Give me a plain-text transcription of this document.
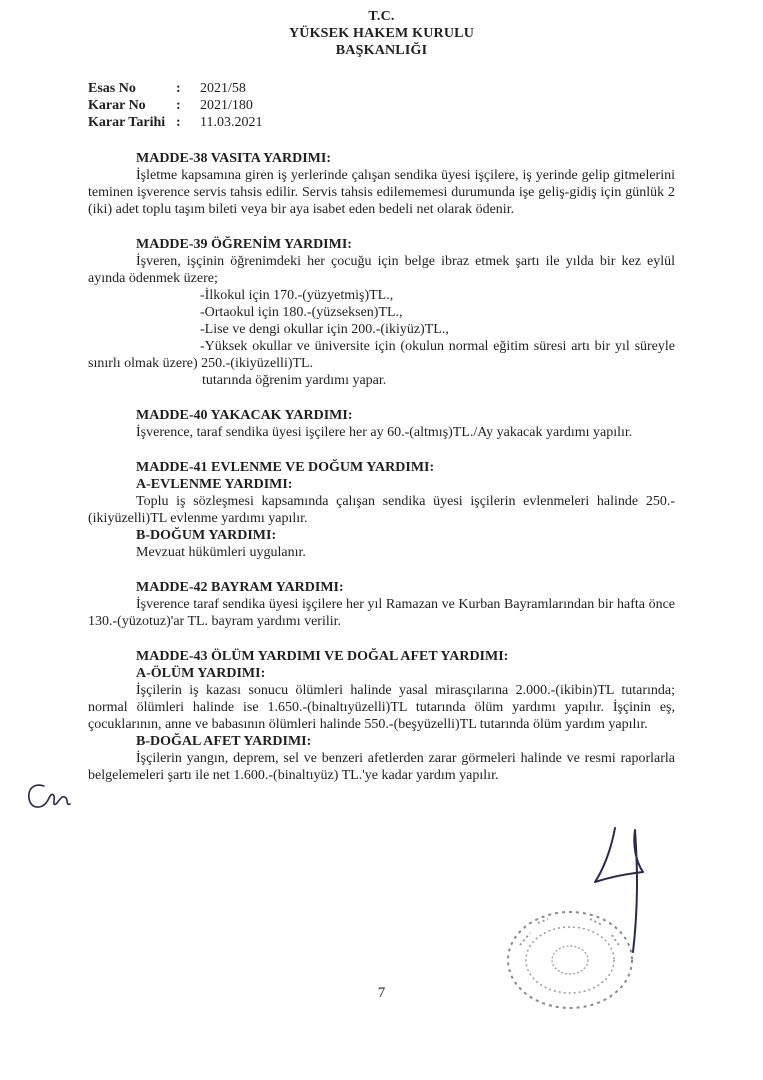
T.C.
YÜKSEK HAKEM KURULU
BAŞKANLIĞI
Esas No	:	2021/58
Karar No	:	2021/180
Karar Tarihi :	11.03.2021
MADDE-38 VASITA YARDIMI:
İşletme kapsamına giren iş yerlerinde çalışan sendika üyesi işçilere, iş yerinde gelip gitmelerini teminen işverence servis tahsis edilir. Servis tahsis edilememesi durumunda işe geliş-gidiş için günlük 2 (iki) adet toplu taşım bileti veya bir aya isabet eden bedeli net olarak ödenir.
MADDE-39 ÖĞRENİM YARDIMI:
İşveren, işçinin öğrenimdeki her çocuğu için belge ibraz etmek şartı ile yılda bir kez eylül ayında ödenmek üzere;
-İlkokul için 170.-(yüzyetmiş)TL.,
-Ortaokul için 180.-(yüzseksen)TL.,
-Lise ve dengi okullar için 200.-(ikiyüz)TL.,
-Yüksek okullar ve üniversite için (okulun normal eğitim süresi artı bir yıl süreyle sınırlı olmak üzere) 250.-(ikiyüzelli)TL.
tutarında öğrenim yardımı yapar.
MADDE-40 YAKACAK YARDIMI:
İşverence, taraf sendika üyesi işçilere her ay 60.-(altmış)TL./Ay yakacak yardımı yapılır.
MADDE-41 EVLENME VE DOĞUM YARDIMI:
A-EVLENME YARDIMI:
Toplu iş sözleşmesi kapsamında çalışan sendika üyesi işçilerin evlenmeleri halinde 250.-(ikiyüzelli)TL evlenme yardımı yapılır.
B-DOĞUM YARDIMI:
Mevzuat hükümleri uygulanır.
MADDE-42 BAYRAM YARDIMI:
İşverence taraf sendika üyesi işçilere her yıl Ramazan ve Kurban Bayramlarından bir hafta önce 130.-(yüzotuz)'ar TL. bayram yardımı verilir.
MADDE-43 ÖLÜM YARDIMI VE DOĞAL AFET YARDIMI:
A-ÖLÜM YARDIMI:
İşçilerin iş kazası sonucu ölümleri halinde yasal mirasçılarına 2.000.-(ikibin)TL tutarında; normal ölümleri halinde ise 1.650.-(binaltıyüzelli)TL tutarında ölüm yardımı yapılır. İşçinin eş, çocuklarının, anne ve babasının ölümleri halinde 550.-(beşyüzelli)TL tutarında ölüm yardım yapılır.
B-DOĞAL AFET YARDIMI:
İşçilerin yangın, deprem, sel ve benzeri afetlerden zarar görmeleri halinde ve resmi raporlarla belgelemeleri şartı ile net 1.600.-(binaltıyüz) TL.'ye kadar yardım yapılır.
7
